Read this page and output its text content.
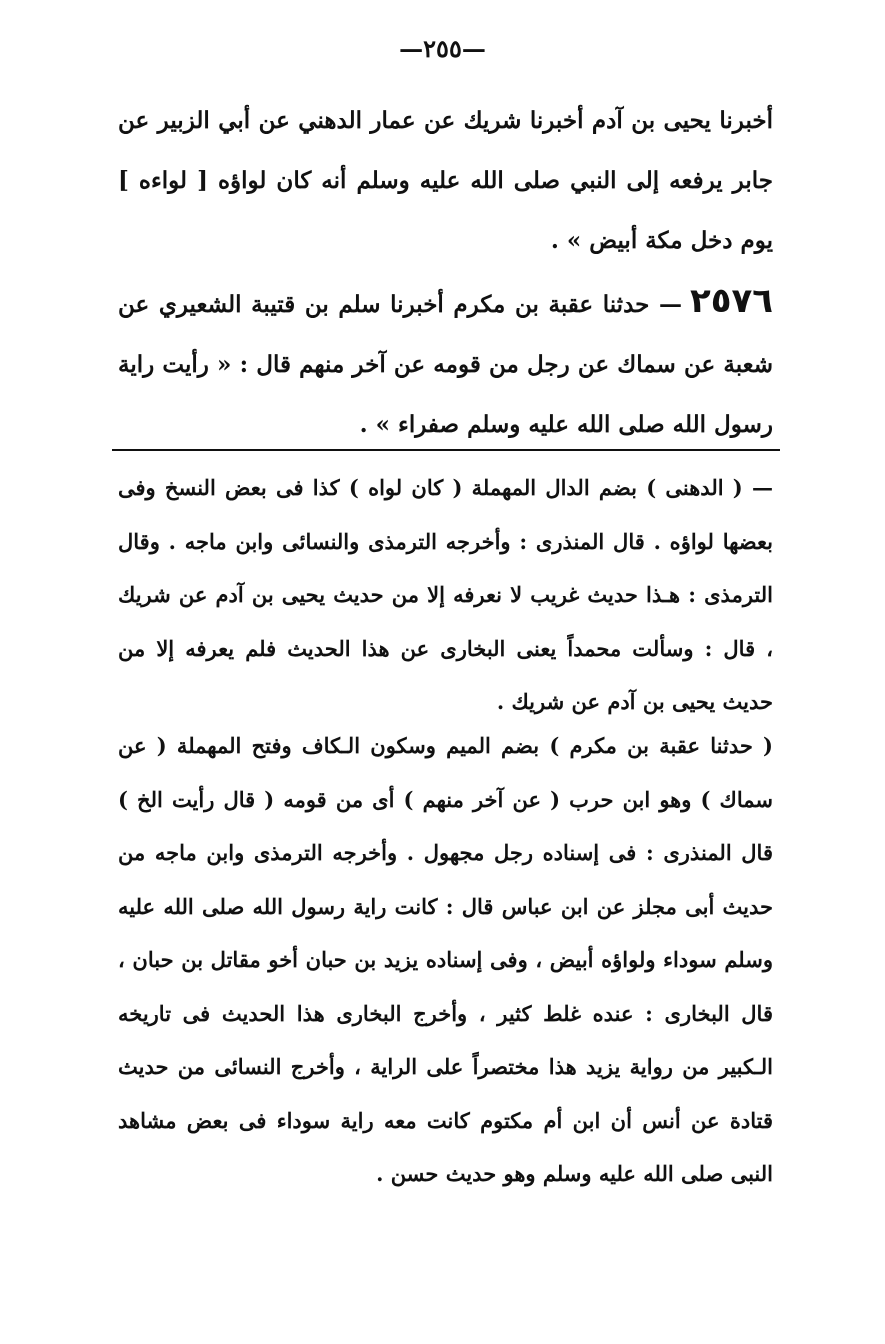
—٢٥٥—
أخبرنا يحيى بن آدم أخبرنا شريك عن عمار الدهني عن أبي الزبير عن جابر يرفعه إلى النبي صلى الله عليه وسلم أنه كان لواؤه [ لواءه ] يوم دخل مكة أبيض » .
٢٥٧٦— حدثنا عقبة بن مكرم أخبرنا سلم بن قتيبة الشعيري عن شعبة عن سماك عن رجل من قومه عن آخر منهم قال : « رأيت راية رسول الله صلى الله عليه وسلم صفراء » .
— ( الدهنى ) بضم الدال المهملة ( كان لواه ) كذا فى بعض النسخ وفى بعضها لواؤه . قال المنذرى : وأخرجه الترمذى والنسائى وابن ماجه . وقال الترمذى : هـذا حديث غريب لا نعرفه إلا من حديث يحيى بن آدم عن شريك ، قال : وسألت محمداً يعنى البخارى عن هذا الحديث فلم يعرفه إلا من حديث يحيى بن آدم عن شريك .
( حدثنا عقبة بن مكرم ) بضم الميم وسكون الـكاف وفتح المهملة ( عن سماك ) وهو ابن حرب ( عن آخر منهم ) أى من قومه ( قال رأيت الخ ) قال المنذرى : فى إسناده رجل مجهول . وأخرجه الترمذى وابن ماجه من حديث أبى مجلز عن ابن عباس قال : كانت راية رسول الله صلى الله عليه وسلم سوداء ولواؤه أبيض ، وفى إسناده يزيد بن حبان أخو مقاتل بن حبان ، قال البخارى : عنده غلط كثير ، وأخرج البخارى هذا الحديث فى تاريخه الـكبير من رواية يزيد هذا مختصراً على الراية ، وأخرج النسائى من حديث قتادة عن أنس أن ابن أم مكتوم كانت معه راية سوداء فى بعض مشاهد النبى صلى الله عليه وسلم وهو حديث حسن .
